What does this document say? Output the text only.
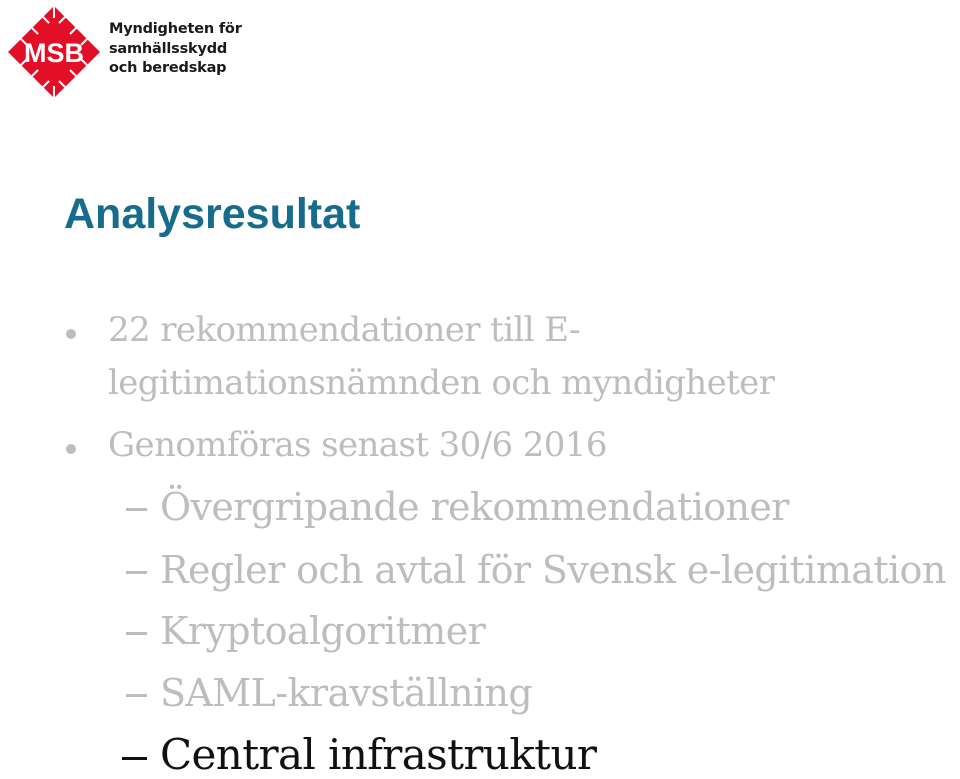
MSB
Myndigheten för
samhällsskydd
och beredskap
Analysresultat
22 rekommendationer till E-
legitimationsnämnden och myndigheter
Genomföras senast 30/6 2016
Övergripande rekommendationer
Regler och avtal för Svensk e-legitimation
Kryptoalgoritmer
SAML-kravställning
Central infrastruktur
